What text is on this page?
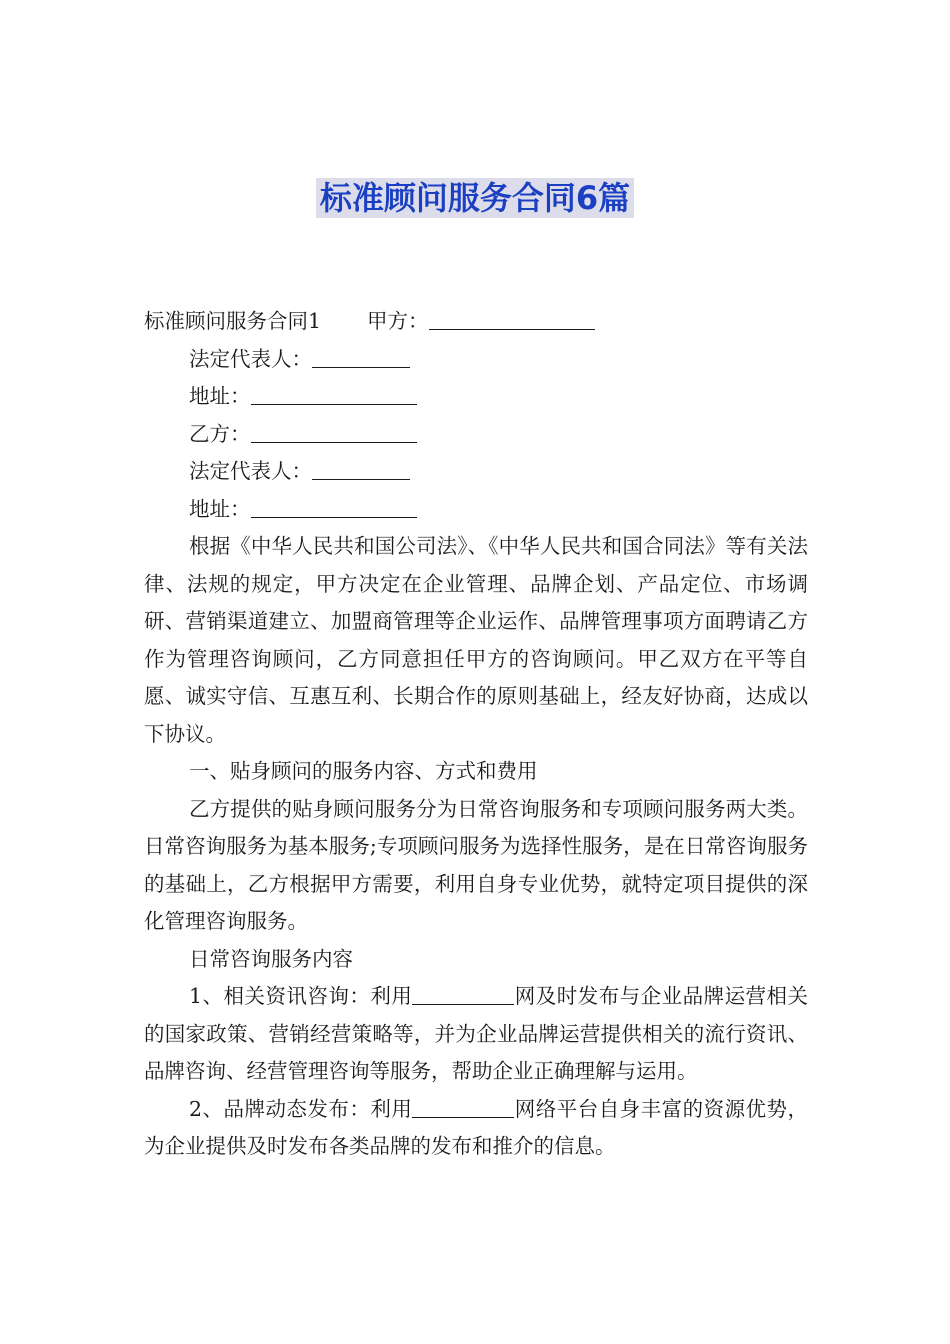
标准顾问服务合同6篇
标准顾问服务合同1 甲方：
法定代表人：
地址：
乙方：
法定代表人：
地址：

根据《中华人民共和国公司法》、《中华人民共和国合同法》等有关法律、法规的规定，甲方决定在企业管理、品牌企划、产品定位、市场调研、营销渠道建立、加盟商管理等企业运作、品牌管理事项方面聘请乙方作为管理咨询顾问，乙方同意担任甲方的咨询顾问。甲乙双方在平等自愿、诚实守信、互惠互利、长期合作的原则基础上，经友好协商，达成以下协议。

一、贴身顾问的服务内容、方式和费用

乙方提供的贴身顾问服务分为日常咨询服务和专项顾问服务两大类。日常咨询服务为基本服务;专项顾问服务为选择性服务，是在日常咨询服务的基础上，乙方根据甲方需要，利用自身专业优势，就特定项目提供的深化管理咨询服务。

日常咨询服务内容

1、相关资讯咨询：利用	网及时发布与企业品牌运营相关的国家政策、营销经营策略等，并为企业品牌运营提供相关的流行资讯、品牌咨询、经营管理咨询等服务，帮助企业正确理解与运用。

2、品牌动态发布：利用	网络平台自身丰富的资源优势，为企业提供及时发布各类品牌的发布和推介的信息。
